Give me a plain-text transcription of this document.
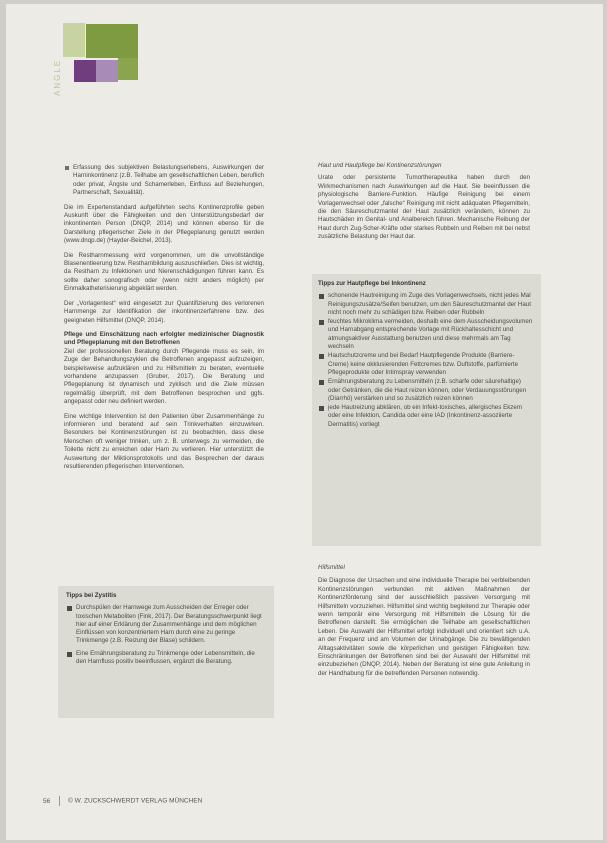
ANGLE

Erfassung des subjektiven Belastungserlebens, Auswirkungen der Harninkontinenz (z.B. Teilhabe am gesellschaftlichen Leben, beruflich oder privat, Ängste und Schamerleben, Einfluss auf Beziehungen, Partnerschaft, Sexualität).

Die im Expertenstandard aufgeführten sechs Kontinenzprofile geben Auskunft über die Fähigkeiten und den Unterstützungsbedarf der inkontinenten Person (DNQP, 2014) und können ebenso für die Darstellung pflegerischer Ziele in der Pflegeplanung genutzt werden (www.dnqp.de) (Hayder-Beichel, 2013).

Die Restharnmessung wird vorgenommen, um die unvollständige Blasenentleerung bzw. Restharnbildung auszuschließen. Dies ist wichtig, da Restharn zu Infektionen und Nierenschädigungen führen kann. Es sollte daher sonografisch oder (wenn nicht anders möglich) per Einmalkatheterisierung abgeklärt werden.

Der „Vorlagentest“ wird eingesetzt zur Quantifizierung des verlorenen Harnmenge zur Identifikation der inkontinenzerfahrene bzw. des geeigneten Hilfsmittel (DNQP, 2014).

Pflege und Einschätzung nach erfolgter medizinischer Diagnostik und Pflegeplanung mit den Betroffenen

Ziel der professionellen Beratung durch Pflegende muss es sein, im Zuge der Behandlungszyklen die Betroffenen angepasst aufzuzeigen, beispielsweise aufzuklären und zu Hilfsmitteln zu beraten, eventuelle vorhandene anzupassen (Gruber, 2017). Die Beratung und Pflegeplanung ist dynamisch und zyklisch und die Ziele müssen regelmäßig überprüft, mit dem Betroffenen besprochen und ggfs. angepasst oder neu definiert werden.

Eine wichtige Intervention ist den Patienten über Zusammenhänge zu informieren und beratend auf sein Trinkverhalten einzuwirken. Besonders bei Kontinenzstörungen ist zu beobachten, dass diese Menschen oft weniger trinken, um z. B. unterwegs zu vermeiden, die Toilette nicht zu erreichen oder Harn zu verlieren. Hier unterstützt die Auswertung der Miktionsprotokolls und das Besprechen der daraus resultierenden pflegerischen Interventionen.

Tipps bei Zystitis

Durchspülen der Harnwege zum Ausscheiden der Erreger oder toxischen Metaboliten (Fink, 2017). Der Beratungsschwerpunkt liegt hier auf einer Erklärung der Zusammenhänge und dem möglichen Einflüssen von konzentriertem Harn durch eine zu geringe Trinkmenge (z.B. Reizung der Blase) schildern.

Eine Ernährungsberatung zu Trinkmenge oder Lebensmitteln, die den Harnfluss positiv beeinflussen, ergänzt die Beratung.

Haut und Hautpflege bei Kontinenzstörungen

Urate oder persistente Tumortherapeutika haben durch den Wirkmechanismen nach Auswirkungen auf die Haut. Sie beeinflussen die physiologische Barriere-Funktion. Häufige Reinigung bei einem Vorlagenwechsel oder „falsche“ Reinigung mit nicht adäquaten Pflegemitteln, die den Säureschutzmantel der Haut zusätzlich verändern, können zu Hautschäden im Genital- und Analbereich führen. Mechanische Reibung der Haut durch Zug-Scher-Kräfte oder starkes Rubbeln und Reiben mit bei nebst zusätzliche Belastung der Haut dar.

Tipps zur Hautpflege bei Inkontinenz

schonende Hautreinigung im Zuge des Vorlagenwechsels, nicht jedes Mal Reinigungszusätze/Seifen benutzen, um den Säureschutzmantel der Haut nicht noch mehr zu schädigen bzw. Reiben oder Rubbeln

feuchtes Mikroklima vermeiden, deshalb eine dem Ausscheidungsvolumen und Harnabgang entsprechende Vorlage mit Rückhaltesschicht und atmungsaktiver Ausstattung benutzen und diese mehrmals am Tag wechseln

Hautschutzcreme und bei Bedarf Hautpflegende Produkte (Barriere-Creme) keine okklusierenden Fettcremes bzw. Duftstoffe, parfümierte Pflegeprodukte oder Intimspray verwenden

Ernährungsberatung zu Lebensmitteln (z.B. scharfe oder säurehaltige) oder Getränken, die die Haut reizen können, oder Verdauungsstörungen (Diarrhö) verstärken und so zusätzlich reizen können

jede Hautreizung abklären, ob ein Infekt-toxisches, allergisches Ekzem oder eine Infektion, Candida oder eine IAD (Inkontinenz-assoziierte Dermatitis) vorliegt

Hilfsmittel

Die Diagnose der Ursachen und eine individuelle Therapie bei verbleibenden Kontinenzstörungen verbunden mit aktiven Maßnahmen der Kontinenzförderung sind der ausschließlich passiven Versorgung mit Hilfsmitteln vorzuziehen. Hilfsmittel sind wichtig begleitend zur Therapie oder wenn temporär eine Versorgung mit Hilfsmitteln die Lösung für die Betroffenen darstellt. Sie ermöglichen die Teilhabe am gesellschaftlichen Leben. Die Auswahl der Hilfsmittel erfolgt individuell und orientiert sich u.A. an der Frequenz und am Volumen der Urinabgänge. Die zu bewältigenden Alltagsaktivitäten sowie die körperlichen und geistigen Fähigkeiten bzw. Einschränkungen der Betroffenen sind bei der Auswahl der Hilfsmittel mit einzubeziehen (DNQP, 2014). Neben der Beratung ist eine gute Anleitung in der Handhabung für die betreffenden Personen notwendig.

56	© W. ZUCKSCHWERDT VERLAG MÜNCHEN
